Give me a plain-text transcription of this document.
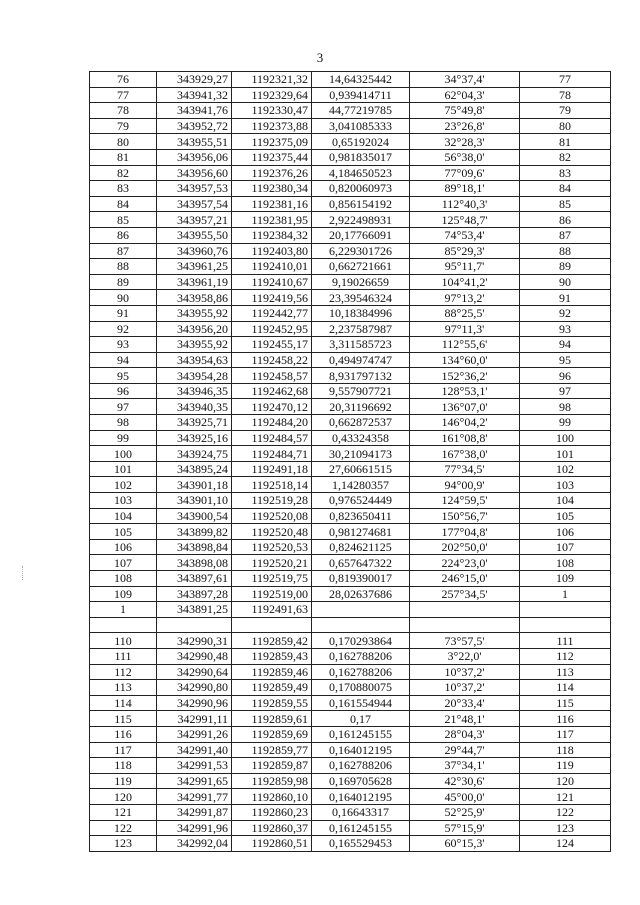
3
76	343929,27	1192321,32	14,64325442	34°37,4'	77
77	343941,32	1192329,64	0,939414711	62°04,3'	78
78	343941,76	1192330,47	44,77219785	75°49,8'	79
79	343952,72	1192373,88	3,041085333	23°26,8'	80
80	343955,51	1192375,09	0,65192024	32°28,3'	81
81	343956,06	1192375,44	0,981835017	56°38,0'	82
82	343956,60	1192376,26	4,184650523	77°09,6'	83
83	343957,53	1192380,34	0,820060973	89°18,1'	84
84	343957,54	1192381,16	0,856154192	112°40,3'	85
85	343957,21	1192381,95	2,922498931	125°48,7'	86
86	343955,50	1192384,32	20,17766091	74°53,4'	87
87	343960,76	1192403,80	6,229301726	85°29,3'	88
88	343961,25	1192410,01	0,662721661	95°11,7'	89
89	343961,19	1192410,67	9,19026659	104°41,2'	90
90	343958,86	1192419,56	23,39546324	97°13,2'	91
91	343955,92	1192442,77	10,18384996	88°25,5'	92
92	343956,20	1192452,95	2,237587987	97°11,3'	93
93	343955,92	1192455,17	3,311585723	112°55,6'	94
94	343954,63	1192458,22	0,494974747	134°60,0'	95
95	343954,28	1192458,57	8,931797132	152°36,2'	96
96	343946,35	1192462,68	9,557907721	128°53,1'	97
97	343940,35	1192470,12	20,31196692	136°07,0'	98
98	343925,71	1192484,20	0,662872537	146°04,2'	99
99	343925,16	1192484,57	0,43324358	161°08,8'	100
100	343924,75	1192484,71	30,21094173	167°38,0'	101
101	343895,24	1192491,18	27,60661515	77°34,5'	102
102	343901,18	1192518,14	1,14280357	94°00,9'	103
103	343901,10	1192519,28	0,976524449	124°59,5'	104
104	343900,54	1192520,08	0,823650411	150°56,7'	105
105	343899,82	1192520,48	0,981274681	177°04,8'	106
106	343898,84	1192520,53	0,824621125	202°50,0'	107
107	343898,08	1192520,21	0,657647322	224°23,0'	108
108	343897,61	1192519,75	0,819390017	246°15,0'	109
109	343897,28	1192519,00	28,02637686	257°34,5'	1
1	343891,25	1192491,63			

110	342990,31	1192859,42	0,170293864	73°57,5'	111
111	342990,48	1192859,43	0,162788206	3°22,0'	112
112	342990,64	1192859,46	0,162788206	10°37,2'	113
113	342990,80	1192859,49	0,170880075	10°37,2'	114
114	342990,96	1192859,55	0,161554944	20°33,4'	115
115	342991,11	1192859,61	0,17	21°48,1'	116
116	342991,26	1192859,69	0,161245155	28°04,3'	117
117	342991,40	1192859,77	0,164012195	29°44,7'	118
118	342991,53	1192859,87	0,162788206	37°34,1'	119
119	342991,65	1192859,98	0,169705628	42°30,6'	120
120	342991,77	1192860,10	0,164012195	45°00,0'	121
121	342991,87	1192860,23	0,16643317	52°25,9'	122
122	342991,96	1192860,37	0,161245155	57°15,9'	123
123	342992,04	1192860,51	0,165529453	60°15,3'	124
